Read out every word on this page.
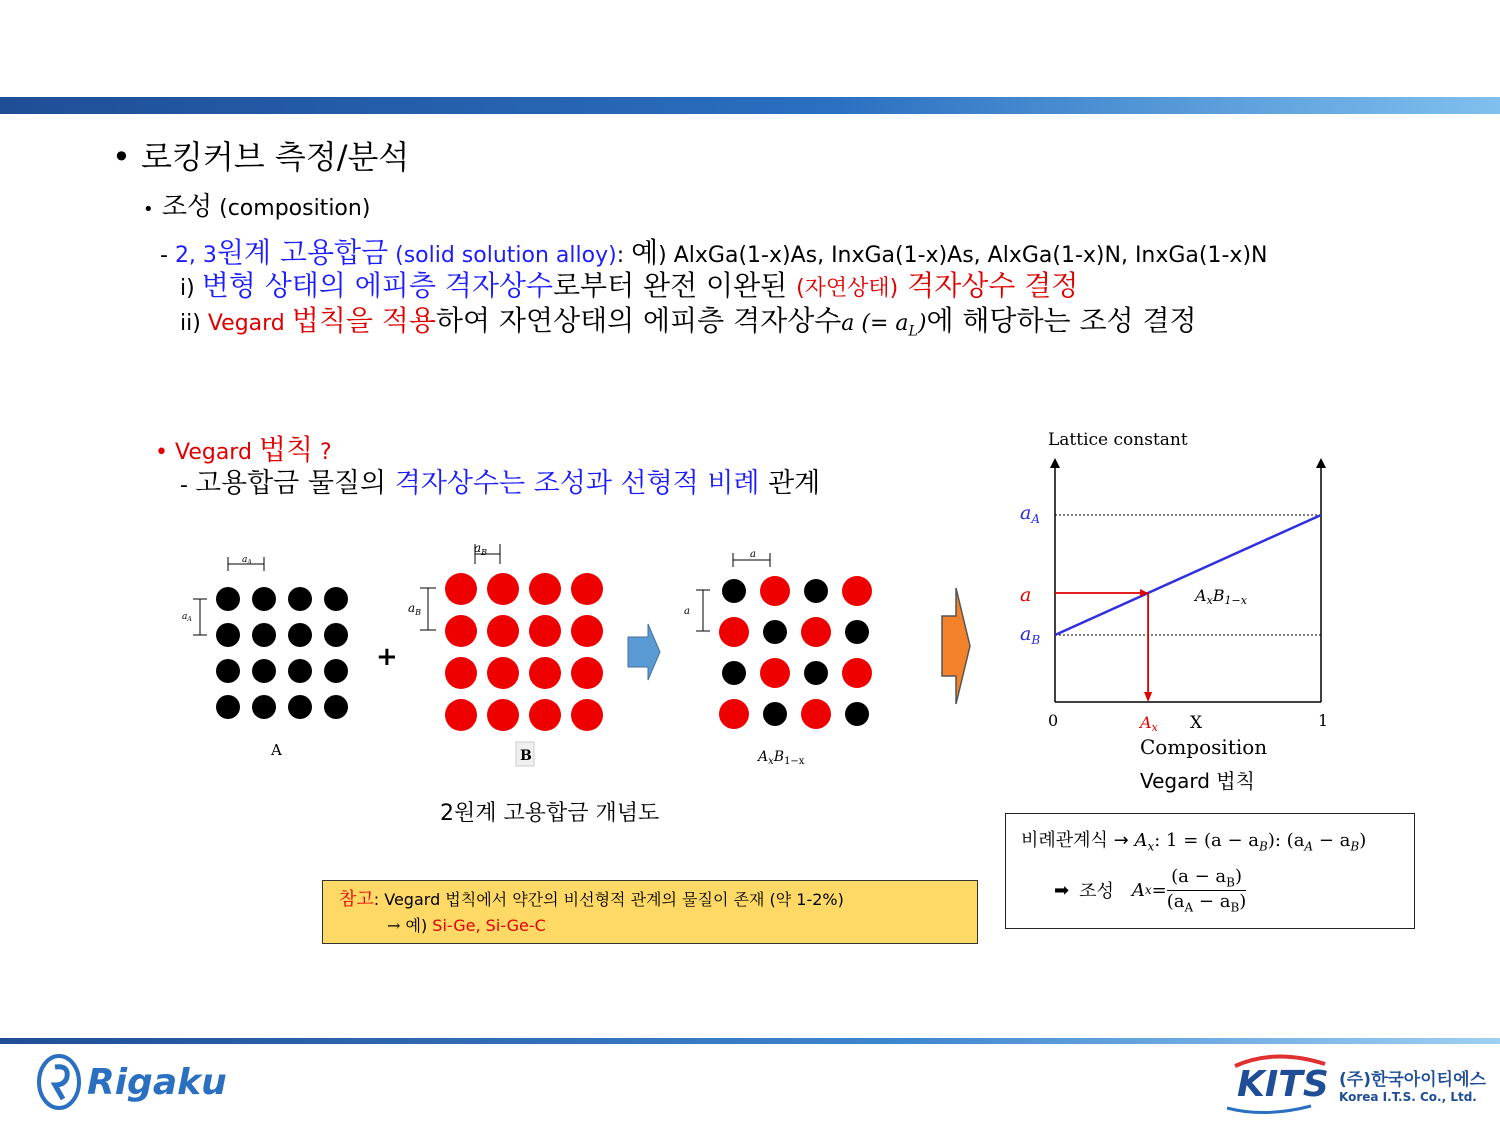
• 로킹커브 측정/분석
• 조성 (composition)
- 2, 3원계 고용합금 (solid solution alloy): 예) AlxGa(1-x)As, InxGa(1-x)As, AlxGa(1-x)N, InxGa(1-x)N
i) 변형 상태의 에피층 격자상수로부터 완전 이완된 (자연상태) 격자상수 결정
ii) Vegard 법칙을 적용하여 자연상태의 에피층 격자상수a (= $a_L$)에 해당하는 조성 결정
• Vegard 법칙 ?
- 고용합금 물질의 격자상수는 조성과 선형적 비례 관계
$a_A$
$a_A$
$a_B$
$a_B$
a
a
+
A	B	$A_xB_{1-x}$
2원계 고용합금 개념도
Lattice constant
$a_A$
a
$a_B$
AxB1−x
0	1
Ax X
Composition
Vegard 법칙
참고: Vegard 법칙에서 약간의 비선형적 관계의 물질이 존재 (약 1-2%)
→ 예) Si-Ge, Si-Ge-C
비례관계식 → $A_x$: $1 = (a - a_B)$: $(a_A - a_B)$
➡ 조성 A $x = \frac{(a - a_B)}{(a_A - a_B)}$
Rigaku	KITS (주)한국아이티에스
Korea I.T.S. Co., Ltd.
